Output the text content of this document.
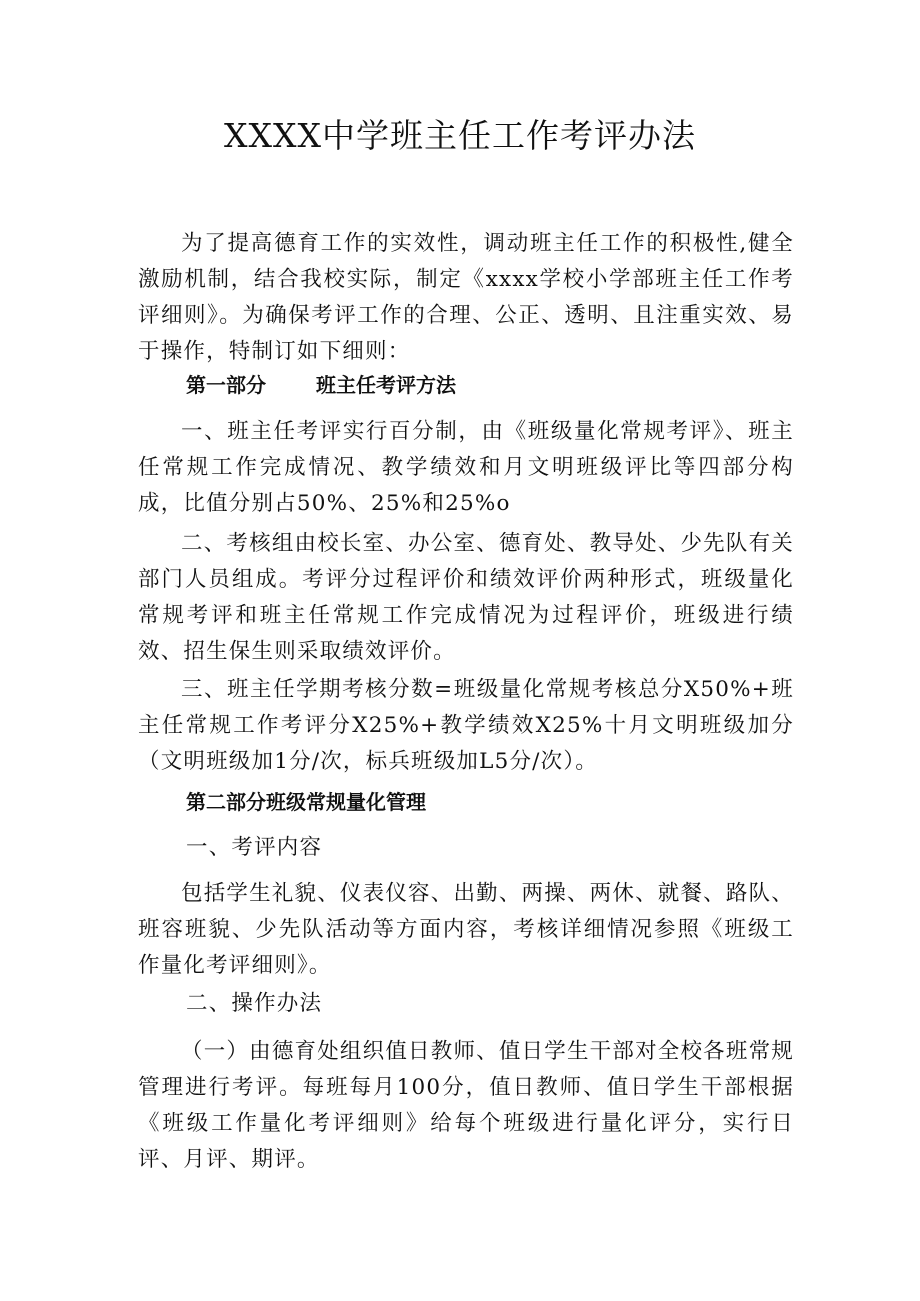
XXXX中学班主任工作考评办法

为了提高德育工作的实效性，调动班主任工作的积极性,健全激励机制，结合我校实际，制定《xxxx学校小学部班主任工作考评细则》。为确保考评工作的合理、公正、透明、且注重实效、易于操作，特制订如下细则：

第一部分	班主任考评方法

一、班主任考评实行百分制，由《班级量化常规考评》、班主任常规工作完成情况、教学绩效和月文明班级评比等四部分构成，比值分别占50%、25%和25%o

二、考核组由校长室、办公室、德育处、教导处、少先队有关部门人员组成。考评分过程评价和绩效评价两种形式，班级量化常规考评和班主任常规工作完成情况为过程评价，班级进行绩效、招生保生则采取绩效评价。

三、班主任学期考核分数=班级量化常规考核总分X50%+班主任常规工作考评分X25%+教学绩效X25%十月文明班级加分（文明班级加1分/次，标兵班级加L5分/次）。

第二部分班级常规量化管理
一、考评内容

包括学生礼貌、仪表仪容、出勤、两操、两休、就餐、路队、班容班貌、少先队活动等方面内容，考核详细情况参照《班级工作量化考评细则》。

二、操作办法

（一）由德育处组织值日教师、值日学生干部对全校各班常规管理进行考评。每班每月100分，值日教师、值日学生干部根据《班级工作量化考评细则》给每个班级进行量化评分，实行日评、月评、期评。
